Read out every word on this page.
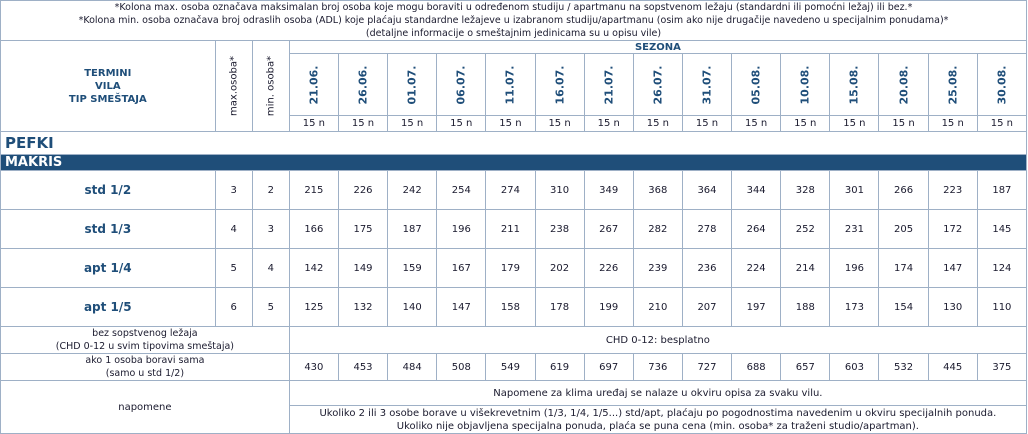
*Kolona max. osoba označava maksimalan broj osoba koje mogu boraviti u određenom studiju / apartmanu na sopstvenom ležaju (standardni ili pomoćni ležaj) ili bez.*
*Kolona min. osoba označava broj odraslih osoba (ADL) koje plaćaju standardne ležajeve u izabranom studiju/apartmanu (osim ako nije drugačije navedeno u specijalnim ponudama)*
(detaljne informacije o smeštajnim jedinicama su u opisu vile)																	

TERMINI
VILA
TIP SMEŠTAJA	max.osoba*	min. osoba*	SEZONA														

			21.06.	26.06.	01.07.	06.07.	11.07.	16.07.	21.07.	26.07.	31.07.	05.08.	10.08.	15.08.	20.08.	25.08.	30.08.

			15 n	15 n	15 n	15 n	15 n	15 n	15 n	15 n	15 n	15 n	15 n	15 n	15 n	15 n	15 n
PEFKI																	
MAKRIS																	
std 1/2	3	2	215	226	242	254	274	310	349	368	364	344	328	301	266	223	187
std 1/3	4	3	166	175	187	196	211	238	267	282	278	264	252	231	205	172	145
apt 1/4	5	4	142	149	159	167	179	202	226	239	236	224	214	196	174	147	124
apt 1/5	6	5	125	132	140	147	158	178	199	210	207	197	188	173	154	130	110

bez sopstvenog ležaja
(CHD 0-12 u svim tipovima smeštaja)			CHD 0-12: besplatno														

ako 1 osoba boravi sama
(samo u std 1/2)			430	453	484	508	549	619	697	736	727	688	657	603	532	445	375
napomene			Napomene za klima uređaj se nalaze u okviru opisa za svaku vilu.														

			Ukoliko 2 ili 3 osobe borave u višekrevetnim (1/3, 1/4, 1/5...) std/apt, plaćaju po pogodnostima navedenim u okviru specijalnih ponuda.
Ukoliko nije objavljena specijalna ponuda, plaća se puna cena (min. osoba* za traženi studio/apartman).														
